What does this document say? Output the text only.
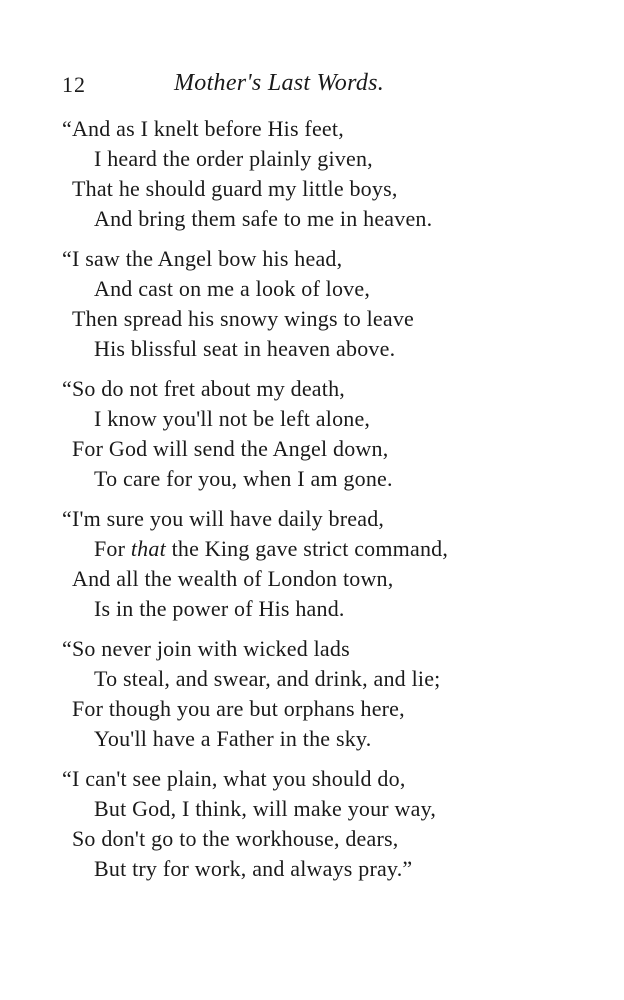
12	Mother's Last Words.
“And as I knelt before His feet,
I heard the order plainly given,
That he should guard my little boys,
And bring them safe to me in heaven.
“I saw the Angel bow his head,
And cast on me a look of love,
Then spread his snowy wings to leave
His blissful seat in heaven above.
“So do not fret about my death,
I know you'll not be left alone,
For God will send the Angel down,
To care for you, when I am gone.
“I'm sure you will have daily bread,
For that the King gave strict command,
And all the wealth of London town,
Is in the power of His hand.
“So never join with wicked lads
To steal, and swear, and drink, and lie;
For though you are but orphans here,
You'll have a Father in the sky.
“I can't see plain, what you should do,
But God, I think, will make your way,
So don't go to the workhouse, dears,
But try for work, and always pray.”
